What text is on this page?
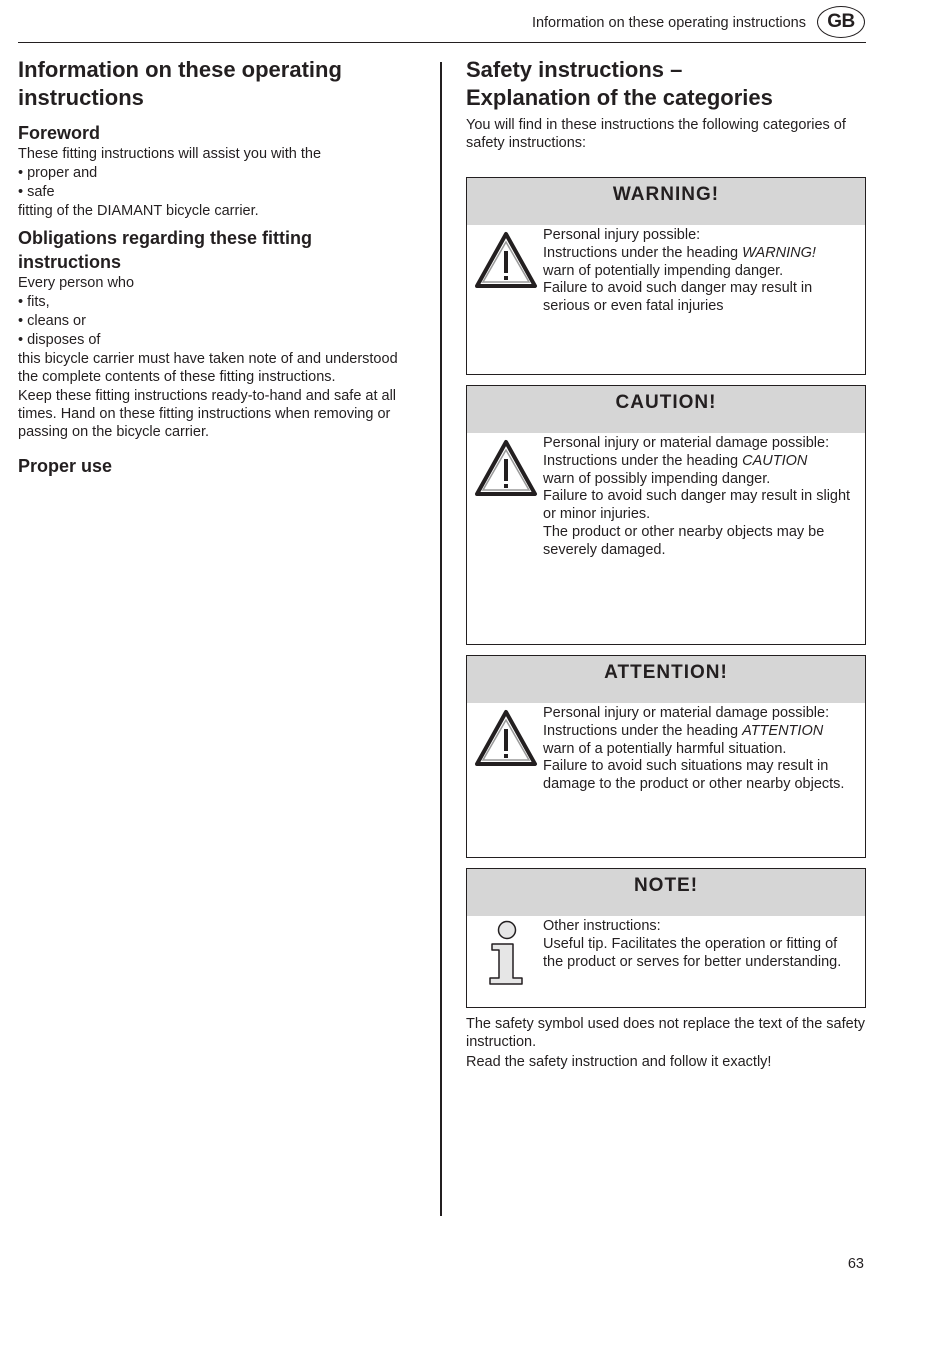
Information on these operating instructions	GB
Information on these operating instructions
Foreword

These fitting instructions will assist you with the

• proper and

• safe

fitting of the DIAMANT bicycle carrier.

Obligations regarding these fitting instructions

Every person who

• fits,

• cleans or

• disposes of

this bicycle carrier must have taken note of and understood the complete contents of these fitting instructions.

Keep these fitting instructions ready-to-hand and safe at all times. Hand on these fitting instructions when removing or passing on the bicycle carrier.

Proper use
Safety instructions –
Explanation of the categories

You will find in these instructions the following categories of safety instructions:

WARNING!
Personal injury possible:
Instructions under the heading WARNING!
warn of potentially impending danger.
Failure to avoid such danger may result in serious or even fatal injuries
CAUTION!
Personal injury or material damage possible:
Instructions under the heading CAUTION
warn of possibly impending danger.
Failure to avoid such danger may result in slight or minor injuries.
The product or other nearby objects may be severely damaged.
ATTENTION!
Personal injury or material damage possible:
Instructions under the heading ATTENTION
warn of a potentially harmful situation.
Failure to avoid such situations may result in damage to the product or other nearby objects.
NOTE!
Other instructions:
Useful tip. Facilitates the operation or fitting of the product or serves for better understanding.

The safety symbol used does not replace the text of the safety instruction.

Read the safety instruction and follow it exactly!

63
